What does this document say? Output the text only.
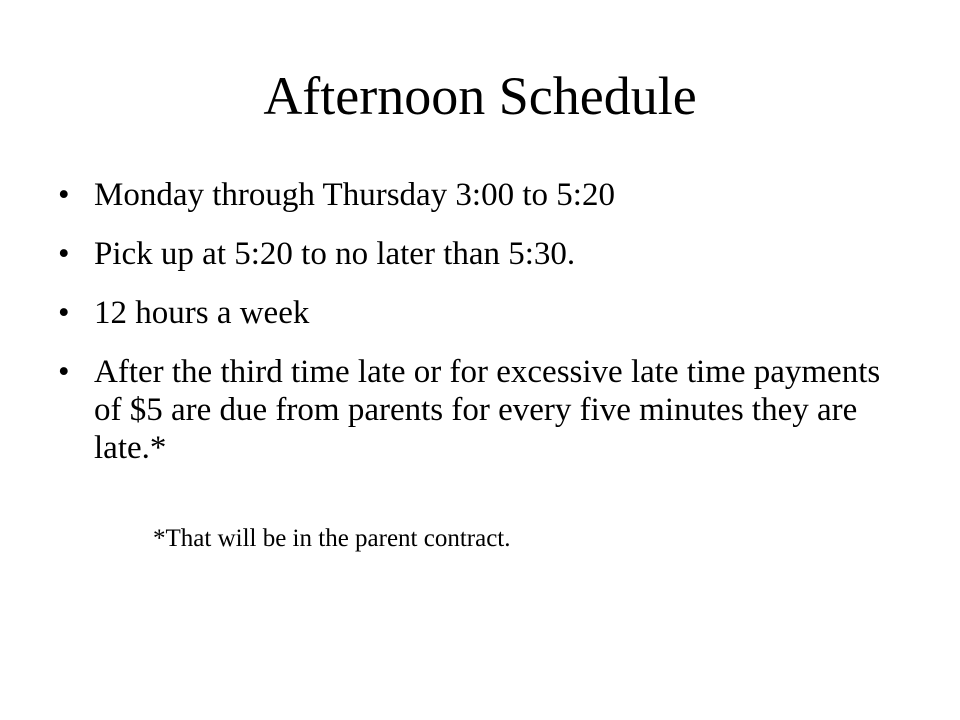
Afternoon Schedule
• Monday through Thursday 3:00 to 5:20
• Pick up at 5:20 to no later than 5:30.
• 12 hours a week
• After the third time late or for excessive late time payments of $5 are due from parents for every five minutes they are late.*

*That will be in the parent contract.
